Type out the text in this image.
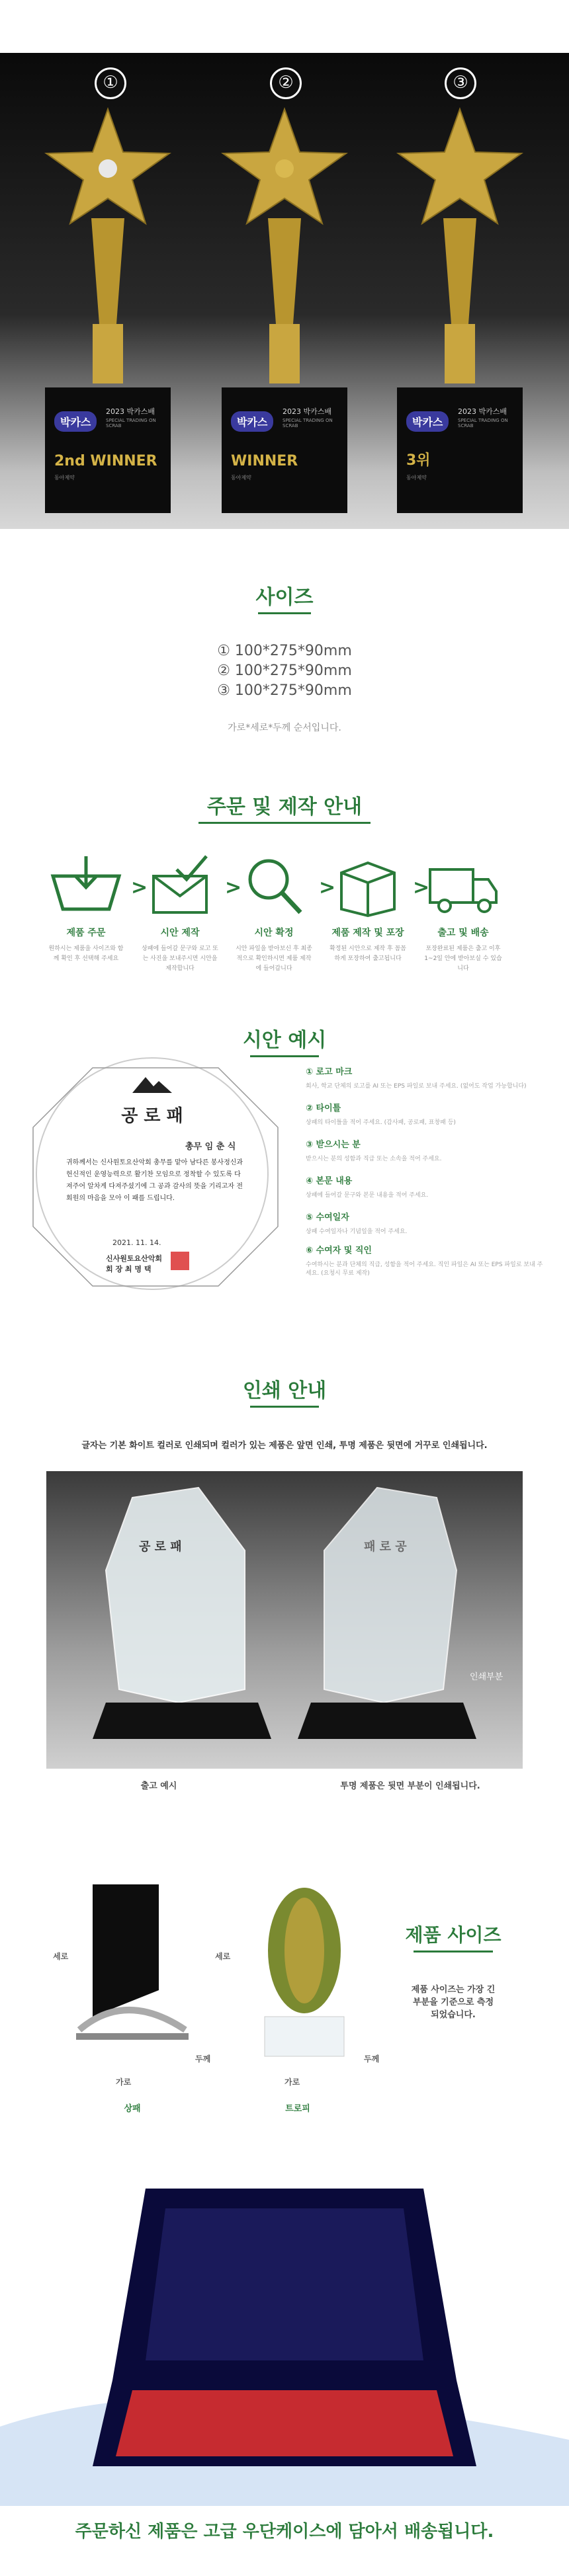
①	②	③
박카스
2023 박카스배
SPECIAL TRADING ON SCRAB
2nd WINNER
동아제약
박카스
2023 박카스배
SPECIAL TRADING ON SCRAB
WINNER
동아제약
박카스
2023 박카스배
SPECIAL TRADING ON SCRAB
3위
동아제약
사이즈
① 100*275*90mm
② 100*275*90mm
③ 100*275*90mm
가로*세로*두께 순서입니다.
주문 및 제작 안내
제품 주문
원하시는 제품을 사이즈와 함께 확인 후 선택해 주세요
>
시안 제작
상패에 들어갈 문구와 로고 또는 사진을 보내주시면 시안을 제작합니다
>
시안 확정
시안 파일을 받아보신 후 최종적으로 확인하시면 제품 제작에 들어갑니다
>
제품 제작 및 포장
확정된 시안으로 제작 후 꼼꼼하게 포장하여 출고됩니다
>
출고 및 배송
포장완료된 제품은 출고 이후 1~2일 안에 받아보실 수 있습니다
시안 예시
공 로 패
총무 임 춘 식
귀하께서는 신사원토요산악회 총무를 맡아 남다른 봉사정신과 헌신적인 운영능력으로 활기찬 모임으로 정착할 수 있도록 다져주어 알차게 다져주셨기에 그 공과 감사의 뜻을 기리고자 전 회원의 마음을 모아 이 패를 드립니다.
2021. 11. 14.
신사원토요산악회
회 장 최 명 택
① 로고 마크
회사, 학교 단체의 로고를 AI 또는 EPS 파일로 보내 주세요. (없어도 작업 가능합니다)
② 타이틀
상패의 타이틀을 적어 주세요. (감사패, 공로패, 표창패 등)
③ 받으시는 분
받으시는 분의 성함과 직급 또는 소속을 적어 주세요.
④ 본문 내용
상패에 들어갈 문구와 본문 내용을 적어 주세요.
⑤ 수여일자
상패 수여일자나 기념일을 적어 주세요.
⑥ 수여자 및 직인
수여하시는 분과 단체의 직급, 성함을 적어 주세요. 직인 파일은 AI 또는 EPS 파일로 보내 주세요. (요청시 무료 제작)
인쇄 안내
글자는 기본 화이트 컬러로 인쇄되며 컬러가 있는 제품은 앞면 인쇄, 투명 제품은 뒷면에 거꾸로 인쇄됩니다.
공 로 패	패 로 공
인쇄부분
출고 예시	투명 제품은 뒷면 부분이 인쇄됩니다.
세로
가로
두께
상패
세로
가로
두께
트로피
제품 사이즈
제품 사이즈는 가장 긴 부분을 기준으로 측정되었습니다.
주문하신 제품은 고급 우단케이스에 담아서 배송됩니다.
